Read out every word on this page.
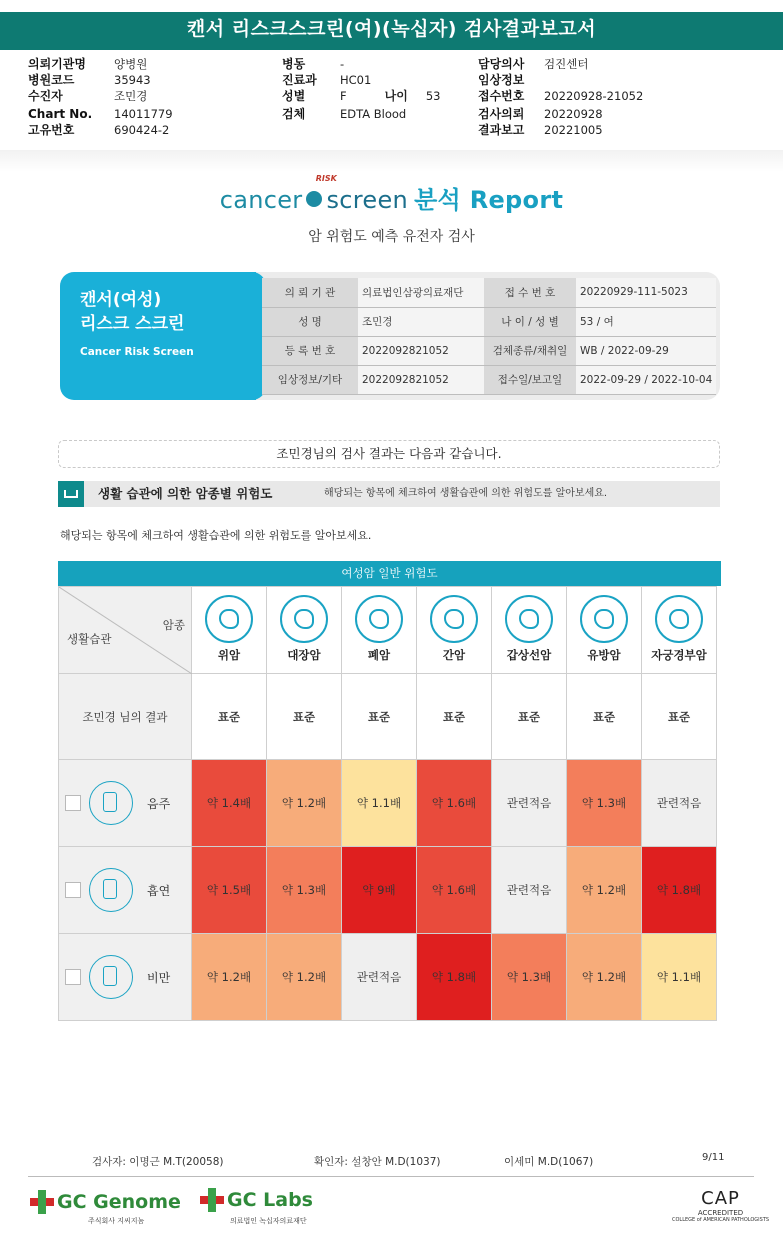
캔서 리스크스크린(여)(녹십자) 검사결과보고서
의뢰기관명 양병원
병원코드	35943
수진자	조민경
Chart No. 14011779
고유번호	690424-2
병동	-
진료과 HC01
성별	F	나이 53
검체	EDTA Blood
담당의사 검진센터
임상정보
접수번호 20220928-21052
검사의뢰 20220928
결과보고 20221005
RISK
cancer screen 분석 Report
암 위험도 예측 유전자 검사
캔서(여성)
리스크 스크린
Cancer Risk Screen
의 뢰 기 관	의료법인삼광의료재단	접 수 번 호	20220929-111-5023
성 명	조민경	나 이 / 성 별	53 / 여
등 록 번 호	2022092821052	검체종류/채취일	WB / 2022-09-29
임상정보/기타	2022092821052	접수일/보고일	2022-09-29 / 2022-10-04
조민경님의 검사 결과는 다음과 같습니다.
생활 습관에 의한 암종별 위험도	해당되는 항목에 체크하여 생활습관에 의한 위험도를 알아보세요.
해당되는 항목에 체크하여 생활습관에 의한 위험도를 알아보세요.
여성암 일반 위험도
암종
생활습관	위암	대장암	폐암	간암	갑상선암	유방암	자궁경부암

조민경 님의 결과	표준	표준	표준	표준	표준	표준	표준

음주	약 1.4배	약 1.2배	약 1.1배	약 1.6배	관련적음	약 1.3배	관련적음

흡연	약 1.5배	약 1.3배	약 9배	약 1.6배	관련적음	약 1.2배	약 1.8배

비만	약 1.2배	약 1.2배	관련적음	약 1.8배	약 1.3배	약 1.2배	약 1.1배
검사자: 이명근 M.T(20058)	확인자: 설창안 M.D(1037)	이세미 M.D(1067)	9/11
GC Genome
주식회사 지씨지놈
GC Labs
의료법인 녹십자의료재단
CAP
ACCREDITED
COLLEGE of AMERICAN PATHOLOGISTS
